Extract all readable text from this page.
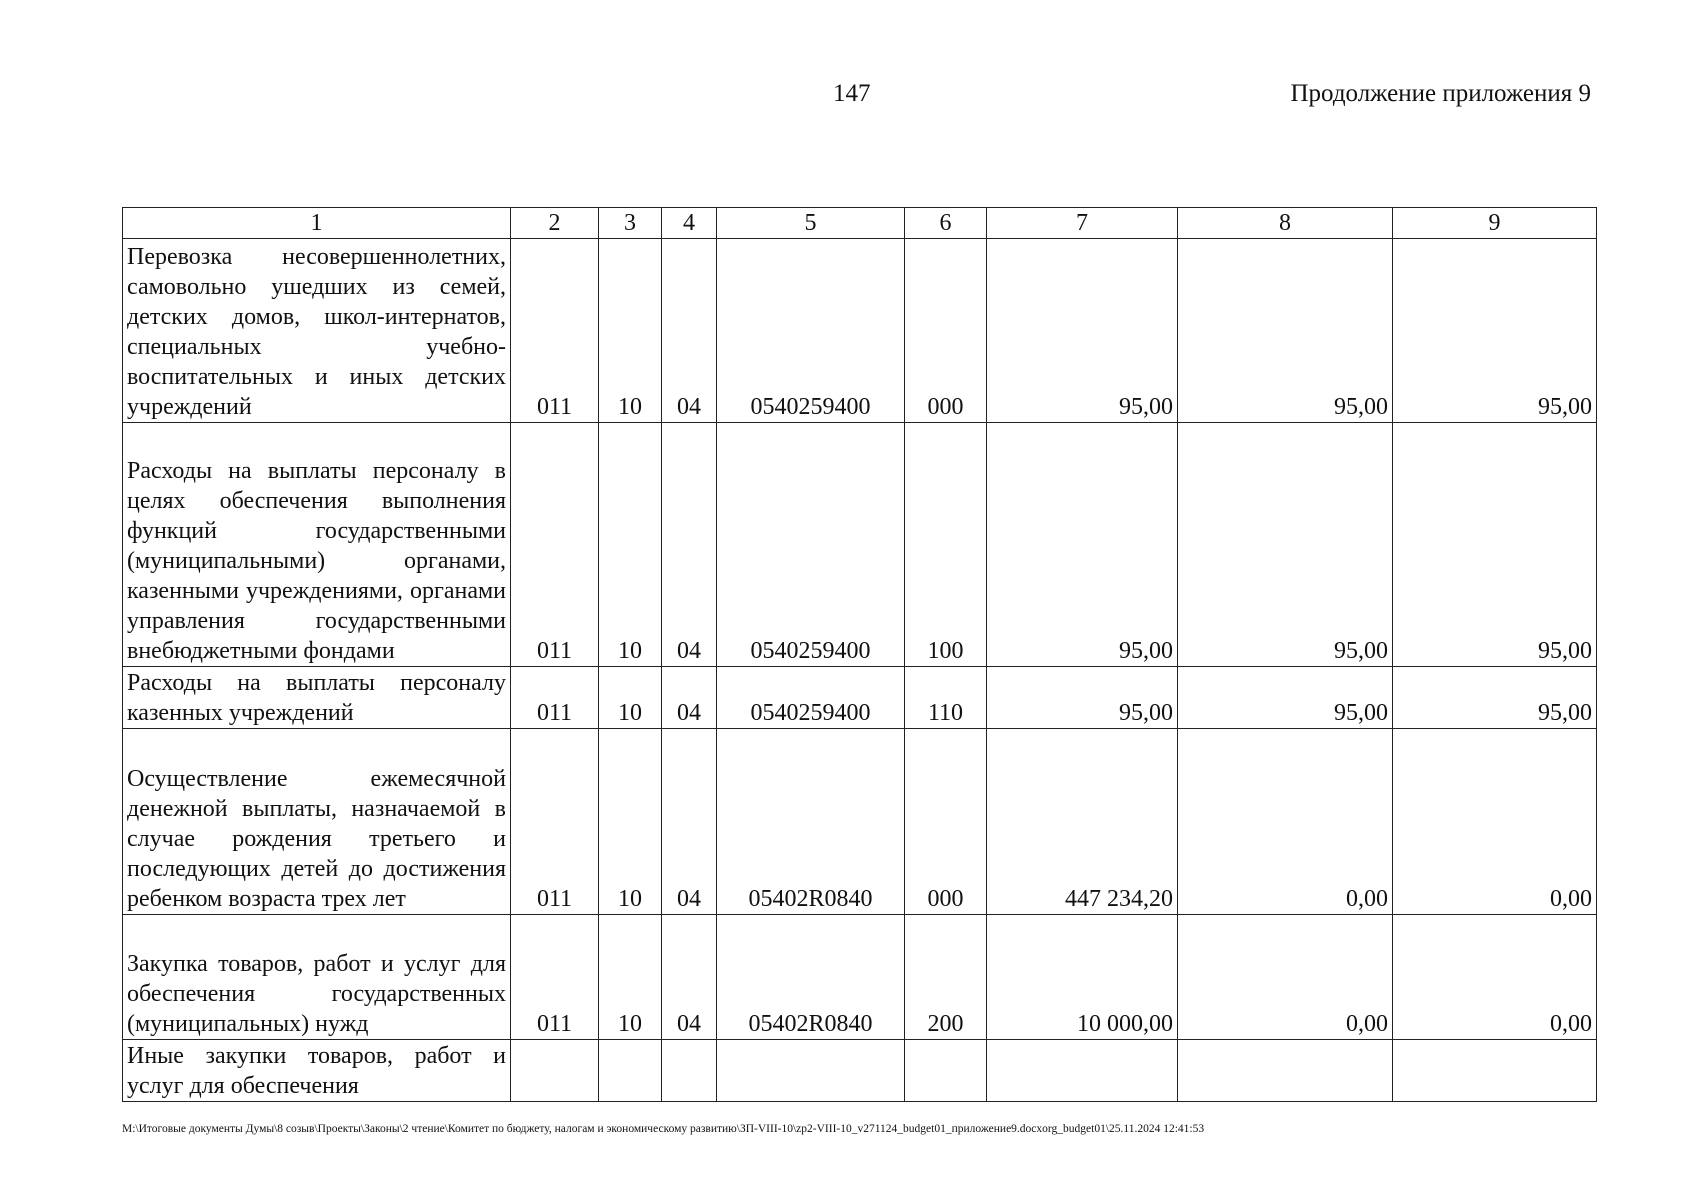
147	Продолжение приложения 9
1	2	3	4	5	6	7	8	9
Перевозка несовершеннолетних, самовольно ушедших из семей, детских домов, школ-интернатов, специальных учебно-воспитательных и иных детских учреждений	011	10	04	0540259400	000	95,00	95,00	95,00
Расходы на выплаты персоналу в целях обеспечения выполнения функций государственными (муниципальными) органами, казенными учреждениями, органами управления государственными внебюджетными фондами	011	10	04	0540259400	100	95,00	95,00	95,00
Расходы на выплаты персоналу казенных учреждений	011	10	04	0540259400	110	95,00	95,00	95,00
Осуществление ежемесячной денежной выплаты, назначаемой в случае рождения третьего и последующих детей до достижения ребенком возраста трех лет	011	10	04	05402R0840	000	447 234,20	0,00	0,00
Закупка товаров, работ и услуг для обеспечения государственных (муниципальных) нужд	011	10	04	05402R0840	200	10 000,00	0,00	0,00
Иные закупки товаров, работ и услуг для обеспечения								
M:\Итоговые документы Думы\8 созыв\Проекты\Законы\2 чтение\Комитет по бюджету, налогам и экономическому развитию\ЗП-VIII-10\zp2-VIII-10_v271124_budget01_приложение9.docxorg_budget01\25.11.2024 12:41:53
